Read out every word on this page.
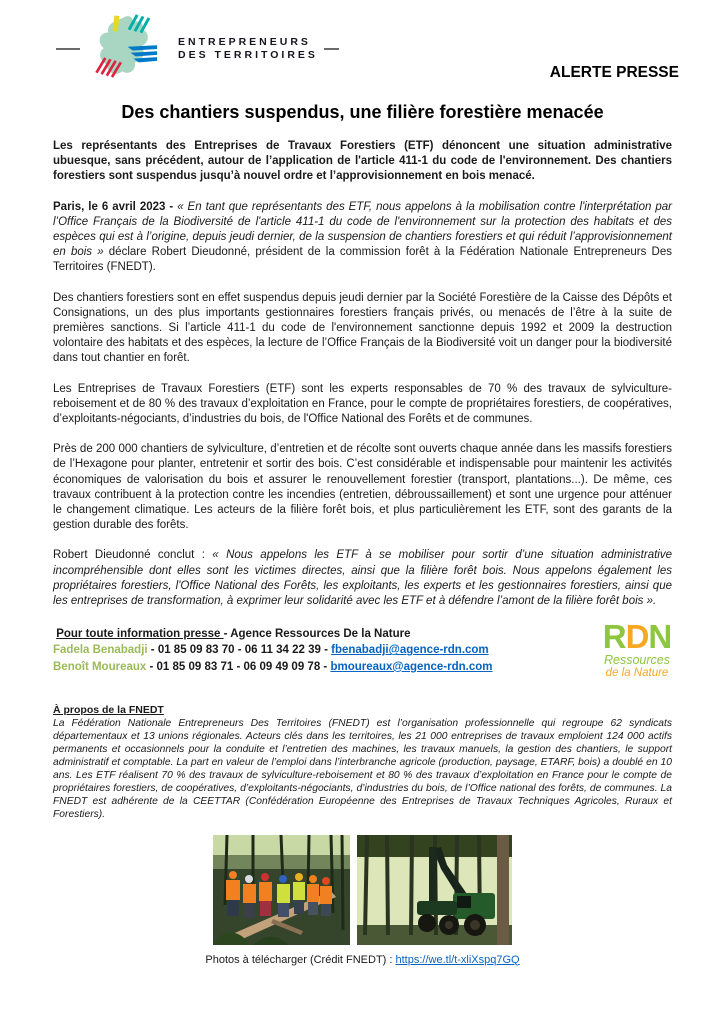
ENTREPRENEURS
DES TERRITOIRES
ALERTE PRESSE
Des chantiers suspendus, une filière forestière menacée

Les représentants des Entreprises de Travaux Forestiers (ETF) dénoncent une situation administrative ubuesque, sans précédent, autour de l’application de l'article 411-1 du code de l'environnement. Des chantiers forestiers sont suspendus jusqu’à nouvel ordre et l’approvisionnement en bois menacé.

Paris, le 6 avril 2023 - « En tant que représentants des ETF, nous appelons à la mobilisation contre l'interprétation par l’Office Français de la Biodiversité de l'article 411-1 du code de l'environnement sur la protection des habitats et des espèces qui est à l’origine, depuis jeudi dernier, de la suspension de chantiers forestiers et qui réduit l’approvisionnement en bois » déclare Robert Dieudonné, président de la commission forêt à la Fédération Nationale Entrepreneurs Des Territoires (FNEDT).

Des chantiers forestiers sont en effet suspendus depuis jeudi dernier par la Société Forestière de la Caisse des Dépôts et Consignations, un des plus importants gestionnaires forestiers français privés, ou menacés de l’être à la suite de premières sanctions. Si l’article 411-1 du code de l'environnement sanctionne depuis 1992 et 2009 la destruction volontaire des habitats et des espèces, la lecture de l’Office Français de la Biodiversité voit un danger pour la biodiversité dans tout chantier en forêt.

Les Entreprises de Travaux Forestiers (ETF) sont les experts responsables de 70 % des travaux de sylviculture-reboisement et de 80 % des travaux d’exploitation en France, pour le compte de propriétaires forestiers, de coopératives, d’exploitants-négociants, d’industries du bois, de l'Office National des Forêts et de communes.

Près de 200 000 chantiers de sylviculture, d’entretien et de récolte sont ouverts chaque année dans les massifs forestiers de l’Hexagone pour planter, entretenir et sortir des bois. C’est considérable et indispensable pour maintenir les activités économiques de valorisation du bois et assurer le renouvellement forestier (transport, plantations...). De même, ces travaux contribuent à la protection contre les incendies (entretien, débroussaillement) et sont une urgence pour atténuer le changement climatique. Les acteurs de la filière forêt bois, et plus particulièrement les ETF, sont des garants de la gestion durable des forêts.

Robert Dieudonné conclut : « Nous appelons les ETF à se mobiliser pour sortir d’une situation administrative incompréhensible dont elles sont les victimes directes, ainsi que la filière forêt bois. Nous appelons également les propriétaires forestiers, l'Office National des Forêts, les exploitants, les experts et les gestionnaires forestiers, ainsi que les entreprises de transformation, à exprimer leur solidarité avec les ETF et à défendre l’amont de la filière forêt bois ».

Pour toute information presse - Agence Ressources De la Nature
Fadela Benabadji - 01 85 09 83 70 - 06 11 34 22 39 - fbenabadji@agence-rdn.com
Benoît Moureaux - 01 85 09 83 71 - 06 09 49 09 78 - bmoureaux@agence-rdn.com
RDN
Ressources
de la Nature
À propos de la FNEDT
La Fédération Nationale Entrepreneurs Des Territoires (FNEDT) est l’organisation professionnelle qui regroupe 62 syndicats départementaux et 13 unions régionales. Acteurs clés dans les territoires, les 21 000 entreprises de travaux emploient 124 000 actifs permanents et occasionnels pour la conduite et l’entretien des machines, les travaux manuels, la gestion des chantiers, le support administratif et comptable. La part en valeur de l’emploi dans l’interbranche agricole (production, paysage, ETARF, bois) a doublé en 10 ans. Les ETF réalisent 70 % des travaux de sylviculture-reboisement et 80 % des travaux d’exploitation en France pour le compte de propriétaires forestiers, de coopératives, d’exploitants-négociants, d’industries du bois, de l’Office national des forêts, de communes. La FNEDT est adhérente de la CEETTAR (Confédération Européenne des Entreprises de Travaux Techniques Agricoles, Ruraux et Forestiers).
Photos à télécharger (Crédit FNEDT) : https://we.tl/t-xliXspq7GQ
